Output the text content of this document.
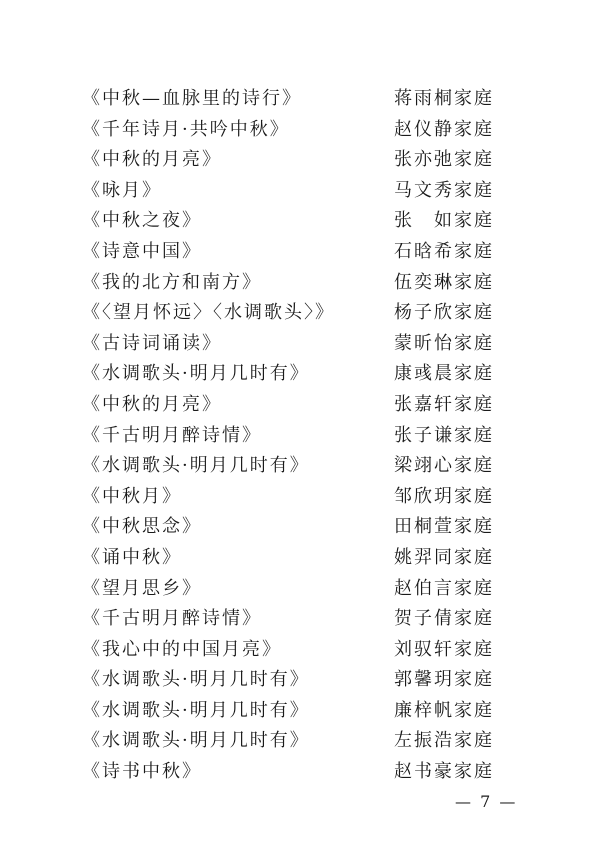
《中秋—血脉里的诗行》	蒋雨桐家庭
《千年诗月·共吟中秋》	赵仪静家庭
《中秋的月亮》	张亦弛家庭
《咏月》	马文秀家庭
《中秋之夜》	张　如家庭
《诗意中国》	石晗希家庭
《我的北方和南方》	伍奕琳家庭
《〈望月怀远〉〈水调歌头〉》	杨子欣家庭
《古诗词诵读》	蒙昕怡家庭
《水调歌头·明月几时有》	康彧晨家庭
《中秋的月亮》	张嘉轩家庭
《千古明月醉诗情》	张子谦家庭
《水调歌头·明月几时有》	梁翊心家庭
《中秋月》	邹欣玥家庭
《中秋思念》	田桐萱家庭
《诵中秋》	姚羿同家庭
《望月思乡》	赵伯言家庭
《千古明月醉诗情》	贺子倩家庭
《我心中的中国月亮》	刘驭轩家庭
《水调歌头·明月几时有》	郭馨玥家庭
《水调歌头·明月几时有》	廉梓帆家庭
《水调歌头·明月几时有》	左振浩家庭
《诗书中秋》	赵书豪家庭
— 7 —
